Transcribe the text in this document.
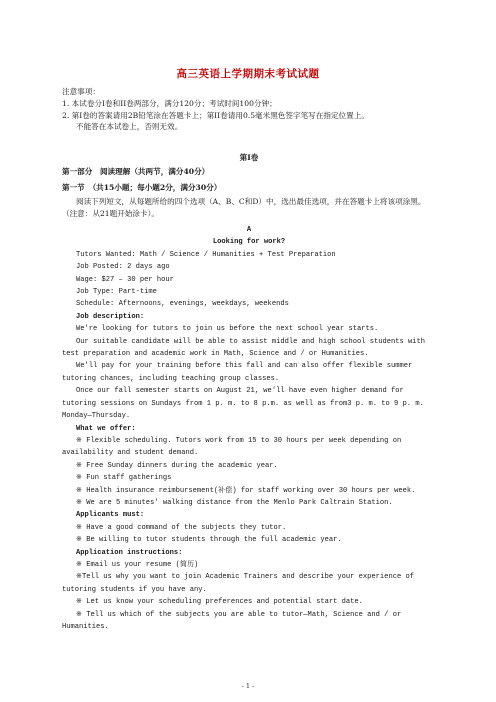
高三英语上学期期末考试试题

注意事项：

1. 本试卷分I卷和II卷两部分，满分120分；考试时间100分钟；

2. 第I卷的答案请用2B铅笔涂在答题卡上；第II卷请用0.5毫米黑色签字笔写在指定位置上。

不能答在本试卷上，否则无效。

第I卷
第一部分　阅读理解（共两节，满分40分）
第一节　（共15小题；每小题2分，满分30分）
阅读下列短文，从每题所给的四个选项（A、B、C和D）中，选出最佳选项，并在答题卡上将该项涂黑。（注意：从21题开始涂卡）。

A

Looking for work?

Tutors Wanted: Math / Science / Humanities + Test Preparation

Job Posted: 2 days ago

Wage: $27 – 30 per hour

Job Type: Part-time

Schedule: Afternoons, evenings, weekdays, weekends

Job description:

We're looking for tutors to join us before the next school year starts.

Our suitable candidate will be able to assist middle and high school students with test preparation and academic work in Math, Science and / or Humanities.

We'll pay for your training before this fall and can also offer flexible summer tutoring chances, including teaching group classes.

Once our fall semester starts on August 21, we'll have even higher demand for tutoring sessions on Sundays from 1 p. m. to 8 p.m. as well as from3 p. m. to 9 p. m. Monday—Thursday.

What we offer:

※ Flexible scheduling. Tutors work from 15 to 30 hours per week depending on availability and student demand.

※ Free Sunday dinners during the academic year.

※ Fun staff gatherings

※ Health insurance reimbursement(补偿) for staff working over 30 hours per week.

※ We are 5 minutes' walking distance from the Menlo Park Caltrain Station.

Applicants must:

※ Have a good command of the subjects they tutor.

※ Be willing to tutor students through the full academic year.

Application instructions:

※ Email us your resume (简历)

※Tell us why you want to join Academic Trainers and describe your experience of tutoring students if you have any.

※ Let us know your scheduling preferences and potential start date.

※ Tell us which of the subjects you are able to tutor—Math, Science and / or Humanities.

- 1 -
